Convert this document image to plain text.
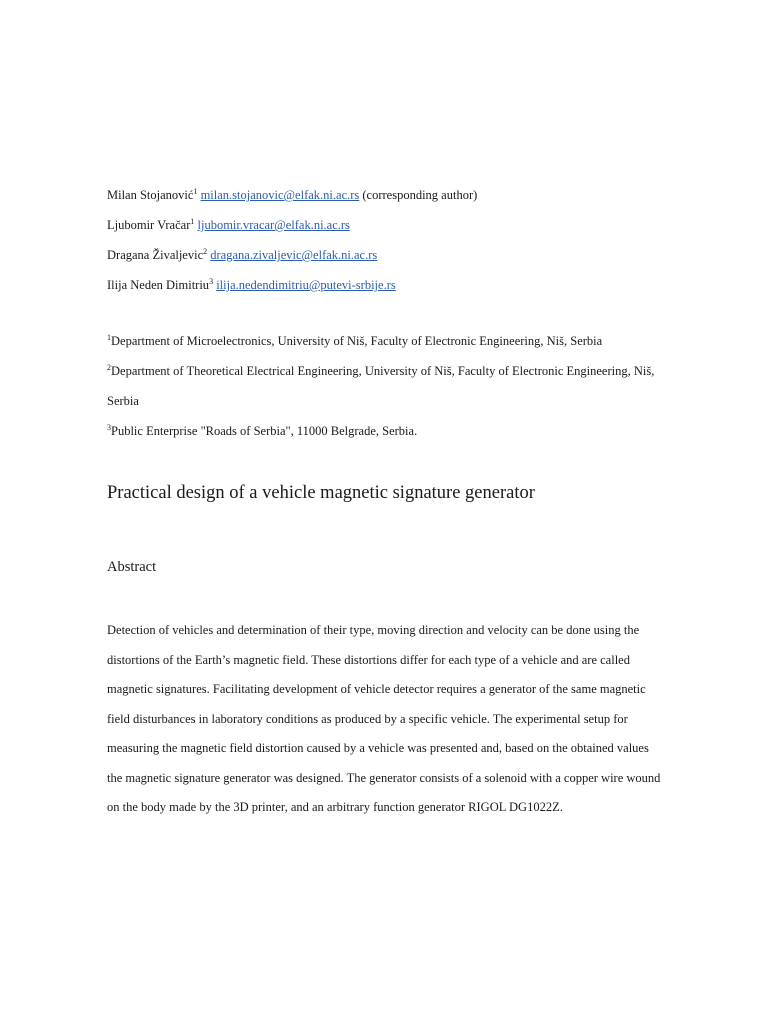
Milan Stojanović$^1$ milan.stojanovic@elfak.ni.ac.rs (corresponding author)
Ljubomir Vračar$^1$ ljubomir.vracar@elfak.ni.ac.rs
Dragana Živaljevic$^2$ dragana.zivaljevic@elfak.ni.ac.rs
Ilija Neden Dimitriu$^3$ ilija.nedendimitriu@putevi-srbije.rs
$^1$Department of Microelectronics, University of Niš, Faculty of Electronic Engineering, Niš, Serbia
$^2$Department of Theoretical Electrical Engineering, University of Niš, Faculty of Electronic Engineering, Niš, Serbia
$^3$Public Enterprise "Roads of Serbia", 11000 Belgrade, Serbia.
Practical design of a vehicle magnetic signature generator
Abstract

Detection of vehicles and determination of their type, moving direction and velocity can be done using the distortions of the Earth’s magnetic field. These distortions differ for each type of a vehicle and are called magnetic signatures. Facilitating development of vehicle detector requires a generator of the same magnetic field disturbances in laboratory conditions as produced by a specific vehicle. The experimental setup for measuring the magnetic field distortion caused by a vehicle was presented and, based on the obtained values the magnetic signature generator was designed. The generator consists of a solenoid with a copper wire wound on the body made by the 3D printer, and an arbitrary function generator RIGOL DG1022Z.
